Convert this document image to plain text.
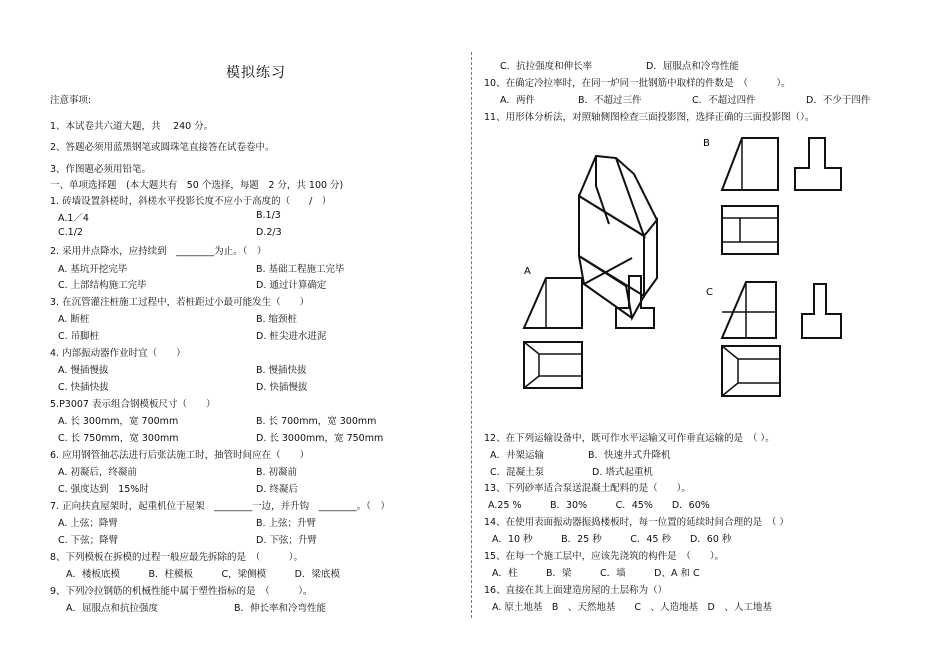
模拟练习
注意事项:
1、本试卷共六道大题，共　 240 分。
2、答题必须用蓝黑钢笔或圆珠笔直接答在试卷卷中。
3、作图题必须用铅笔。
一、单项选择题　(本大题共有　50 个选择，每题　2 分，共 100 分)
1. 砖墙设置斜槎时，斜槎水平投影长度不应小于高度的（　　/　）
A.1／4	B.1/3
C.1/2	D.2/3
2. 采用井点降水，应持续到　________为止。（　）
A. 基坑开挖完毕	B. 基础工程施工完毕
C. 上部结构施工完毕	D. 通过计算确定
3. 在沉管灌注桩施工过程中，若桩距过小最可能发生（　　）
A. 断桩	B. 缩颈桩
C. 吊脚桩	D. 桩尖进水进泥
4. 内部振动器作业时宜（　　）
A. 慢插慢拔	B. 慢插快拔
C. 快插快拔	D. 快插慢拔
5.P3007 表示组合钢模板尺寸（　　）
A. 长 300mm，宽 700mm	B. 长 700mm，宽 300mm
C. 长 750mm，宽 300mm	D. 长 3000mm，宽 750mm
6. 应用钢管抽芯法进行后张法施工时，抽管时间应在（　　）
A. 初凝后，终凝前	B. 初凝前
C. 强度达到　15%时	D. 终凝后
7. 正向扶直屋架时，起重机位于屋架　________一边，并升钩　________。（　）
A. 上弦；降臂	B. 上弦；升臂
C. 下弦；降臂	D. 下弦；升臂
8、下列模板在拆模的过程一般应最先拆除的是　（　　　）。
A．楼板底模　　　B．柱模板　　　C，梁侧模　　　D．梁底模
9、下列冷拉钢筋的机械性能中属于塑性指标的是　（　　　）。
A．屈服点和抗拉强度	B．伸长率和冷弯性能
C．抗拉强度和伸长率	D．屈服点和冷弯性能
10、在确定冷拉率时，在同一炉同一批钢筋中取样的件数是　（　　　）。
A．两件	B．不超过三件	C．不超过四件	D．不少于四件
11、用形体分析法，对照轴侧图检查三面投影图，选择正确的三面投影图（）。
B
A
C
12、在下列运输设备中，既可作水平运输又可作垂直运输的是　（ ）。
A．井架运输	B．快速井式升降机
C．混凝土泵	D. 塔式起重机
13、下列砂率适合泵送混凝土配料的是（　　）。
A.25 %　　　B．30%　　　C．45%　　D．60%
14、在使用表面振动器振捣楼板时，每一位置的延续时间合理的是　（ ）
A．10 秒　　　B．25 秒　　　C．45 秒　　D．60 秒
15、在每一个施工层中，应该先浇筑的构件是　（　　）。
A．柱　　　B．梁　　　C．墙　　　D、A 和 C
16、直接在其上面建造房屋的土层称为（）
A. 原土地基　B　、天然地基　　C　、人造地基　D　、人工地基
